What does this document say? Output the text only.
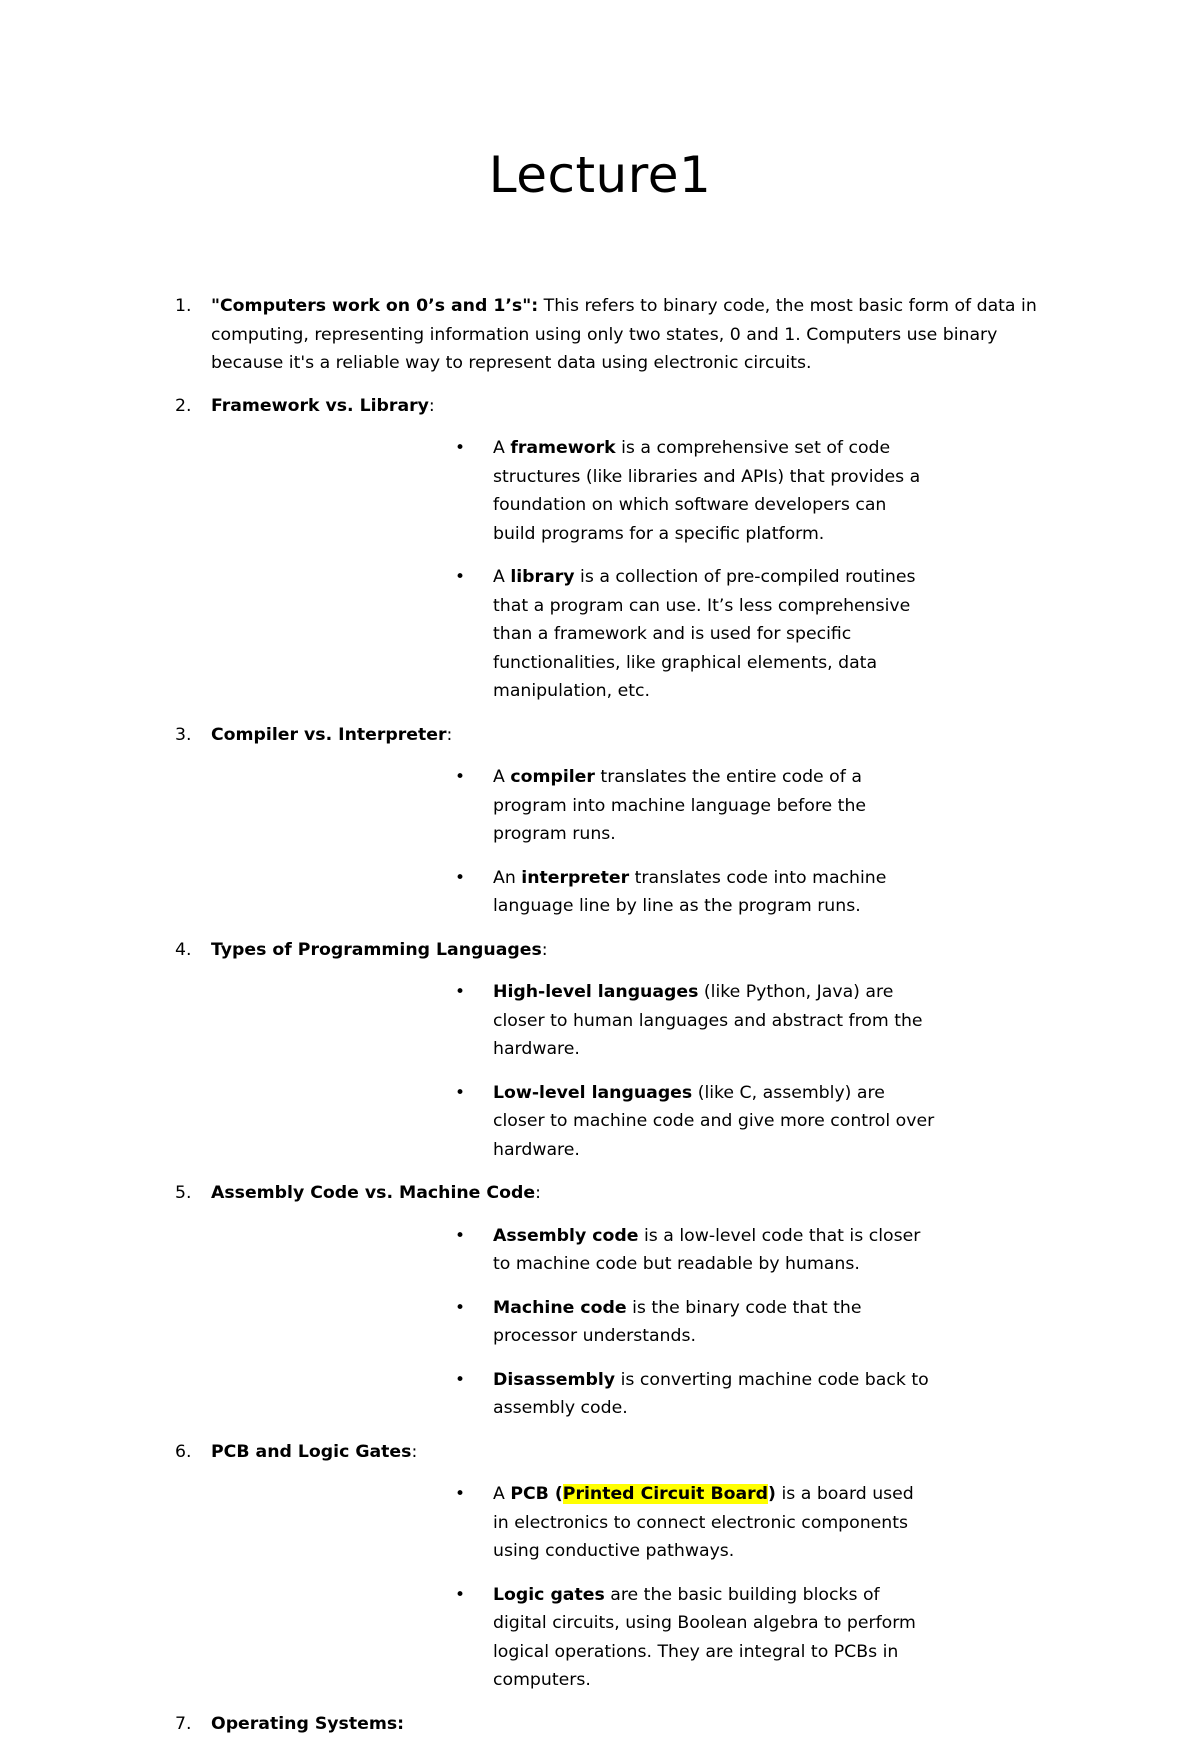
Lecture1
1. "Computers work on 0’s and 1’s": This refers to binary code, the most basic form of data in computing, representing information using only two states, 0 and 1. Computers use binary because it's a reliable way to represent data using electronic circuits.
2. Framework vs. Library:
• A framework is a comprehensive set of code structures (like libraries and APIs) that provides a foundation on which software developers can build programs for a specific platform.
• A library is a collection of pre-compiled routines that a program can use. It’s less comprehensive than a framework and is used for specific functionalities, like graphical elements, data manipulation, etc.
3. Compiler vs. Interpreter:
• A compiler translates the entire code of a program into machine language before the program runs.
• An interpreter translates code into machine language line by line as the program runs.
4. Types of Programming Languages:
• High-level languages (like Python, Java) are closer to human languages and abstract from the hardware.
• Low-level languages (like C, assembly) are closer to machine code and give more control over hardware.
5. Assembly Code vs. Machine Code:
• Assembly code is a low-level code that is closer to machine code but readable by humans.
• Machine code is the binary code that the processor understands.
• Disassembly is converting machine code back to assembly code.
6. PCB and Logic Gates:
• A PCB (Printed Circuit Board) is a board used in electronics to connect electronic components using conductive pathways.
• Logic gates are the basic building blocks of digital circuits, using Boolean algebra to perform logical operations. They are integral to PCBs in computers.
7. Operating Systems:
